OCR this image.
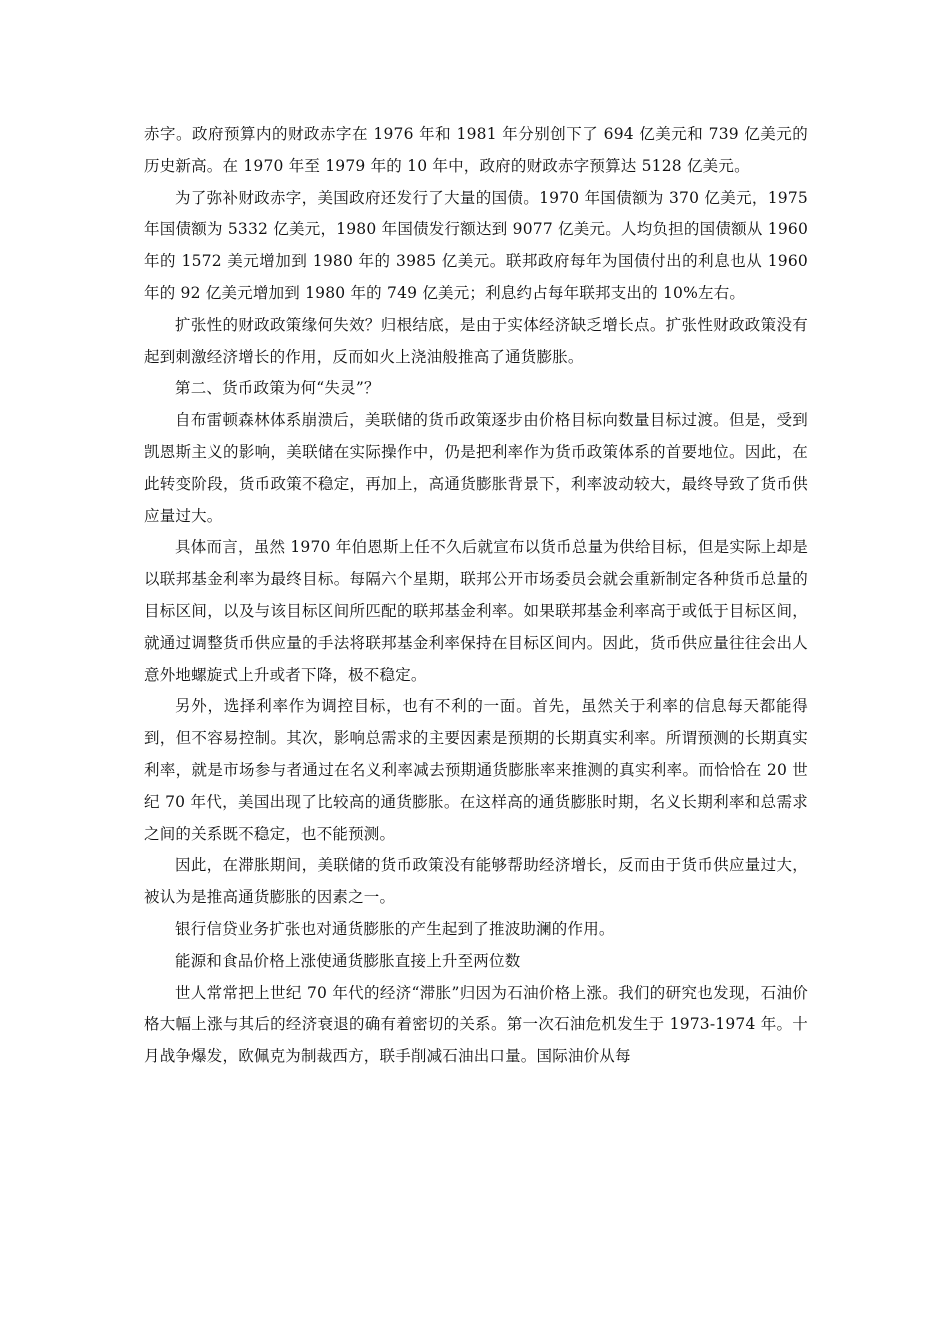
赤字。政府预算内的财政赤字在 1976 年和 1981 年分别创下了 694 亿美元和 739 亿美元的历史新高。在 1970 年至 1979 年的 10 年中，政府的财政赤字预算达 5128 亿美元。

为了弥补财政赤字，美国政府还发行了大量的国债。1970 年国债额为 370 亿美元，1975 年国债额为 5332 亿美元，1980 年国债发行额达到 9077 亿美元。人均负担的国债额从 1960 年的 1572 美元增加到 1980 年的 3985 亿美元。联邦政府每年为国债付出的利息也从 1960 年的 92 亿美元增加到 1980 年的 749 亿美元；利息约占每年联邦支出的 10%左右。

扩张性的财政政策缘何失效？归根结底，是由于实体经济缺乏增长点。扩张性财政政策没有起到刺激经济增长的作用，反而如火上浇油般推高了通货膨胀。

第二、货币政策为何“失灵”？

自布雷顿森林体系崩溃后，美联储的货币政策逐步由价格目标向数量目标过渡。但是，受到凯恩斯主义的影响，美联储在实际操作中，仍是把利率作为货币政策体系的首要地位。因此，在此转变阶段，货币政策不稳定，再加上，高通货膨胀背景下，利率波动较大，最终导致了货币供应量过大。

具体而言，虽然 1970 年伯恩斯上任不久后就宣布以货币总量为供给目标，但是实际上却是以联邦基金利率为最终目标。每隔六个星期，联邦公开市场委员会就会重新制定各种货币总量的目标区间，以及与该目标区间所匹配的联邦基金利率。如果联邦基金利率高于或低于目标区间，就通过调整货币供应量的手法将联邦基金利率保持在目标区间内。因此，货币供应量往往会出人意外地螺旋式上升或者下降，极不稳定。

另外，选择利率作为调控目标，也有不利的一面。首先，虽然关于利率的信息每天都能得到，但不容易控制。其次，影响总需求的主要因素是预期的长期真实利率。所谓预测的长期真实利率，就是市场参与者通过在名义利率减去预期通货膨胀率来推测的真实利率。而恰恰在 20 世纪 70 年代，美国出现了比较高的通货膨胀。在这样高的通货膨胀时期，名义长期利率和总需求之间的关系既不稳定，也不能预测。

因此，在滞胀期间，美联储的货币政策没有能够帮助经济增长，反而由于货币供应量过大，被认为是推高通货膨胀的因素之一。

银行信贷业务扩张也对通货膨胀的产生起到了推波助澜的作用。

能源和食品价格上涨使通货膨胀直接上升至两位数

世人常常把上世纪 70 年代的经济“滞胀”归因为石油价格上涨。我们的研究也发现，石油价格大幅上涨与其后的经济衰退的确有着密切的关系。第一次石油危机发生于 1973-1974 年。十月战争爆发，欧佩克为制裁西方，联手削减石油出口量。国际油价从每
